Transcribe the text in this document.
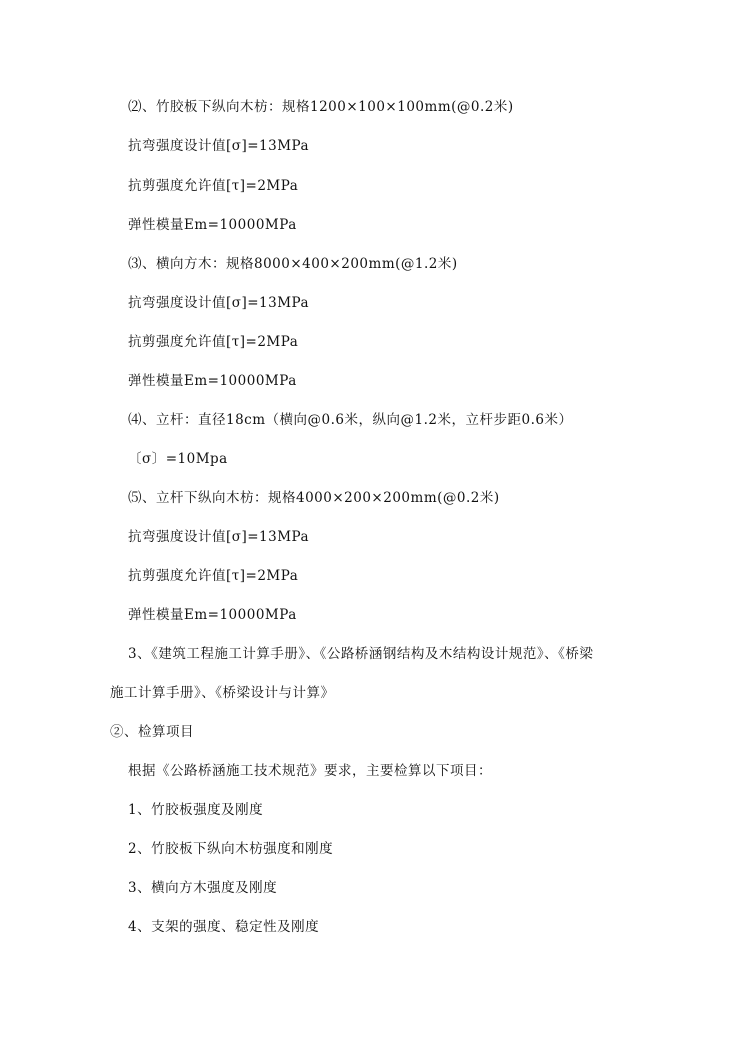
⑵、竹胶板下纵向木枋：规格1200×100×100mm(@0.2米)
抗弯强度设计值[σ]=13MPa
抗剪强度允许值[τ]=2MPa
弹性模量Em=10000MPa
⑶、横向方木：规格8000×400×200mm(@1.2米)
抗弯强度设计值[σ]=13MPa
抗剪强度允许值[τ]=2MPa
弹性模量Em=10000MPa
⑷、立杆：直径18cm（横向@0.6米，纵向@1.2米，立杆步距0.6米）
〔σ〕=10Mpa
⑸、立杆下纵向木枋：规格4000×200×200mm(@0.2米)
抗弯强度设计值[σ]=13MPa
抗剪强度允许值[τ]=2MPa
弹性模量Em=10000MPa
3、《建筑工程施工计算手册》、《公路桥涵钢结构及木结构设计规范》、《桥梁
施工计算手册》、《桥梁设计与计算》
②、检算项目
根据《公路桥涵施工技术规范》要求，主要检算以下项目：
1、竹胶板强度及刚度
2、竹胶板下纵向木枋强度和刚度
3、横向方木强度及刚度
4、支架的强度、稳定性及刚度
